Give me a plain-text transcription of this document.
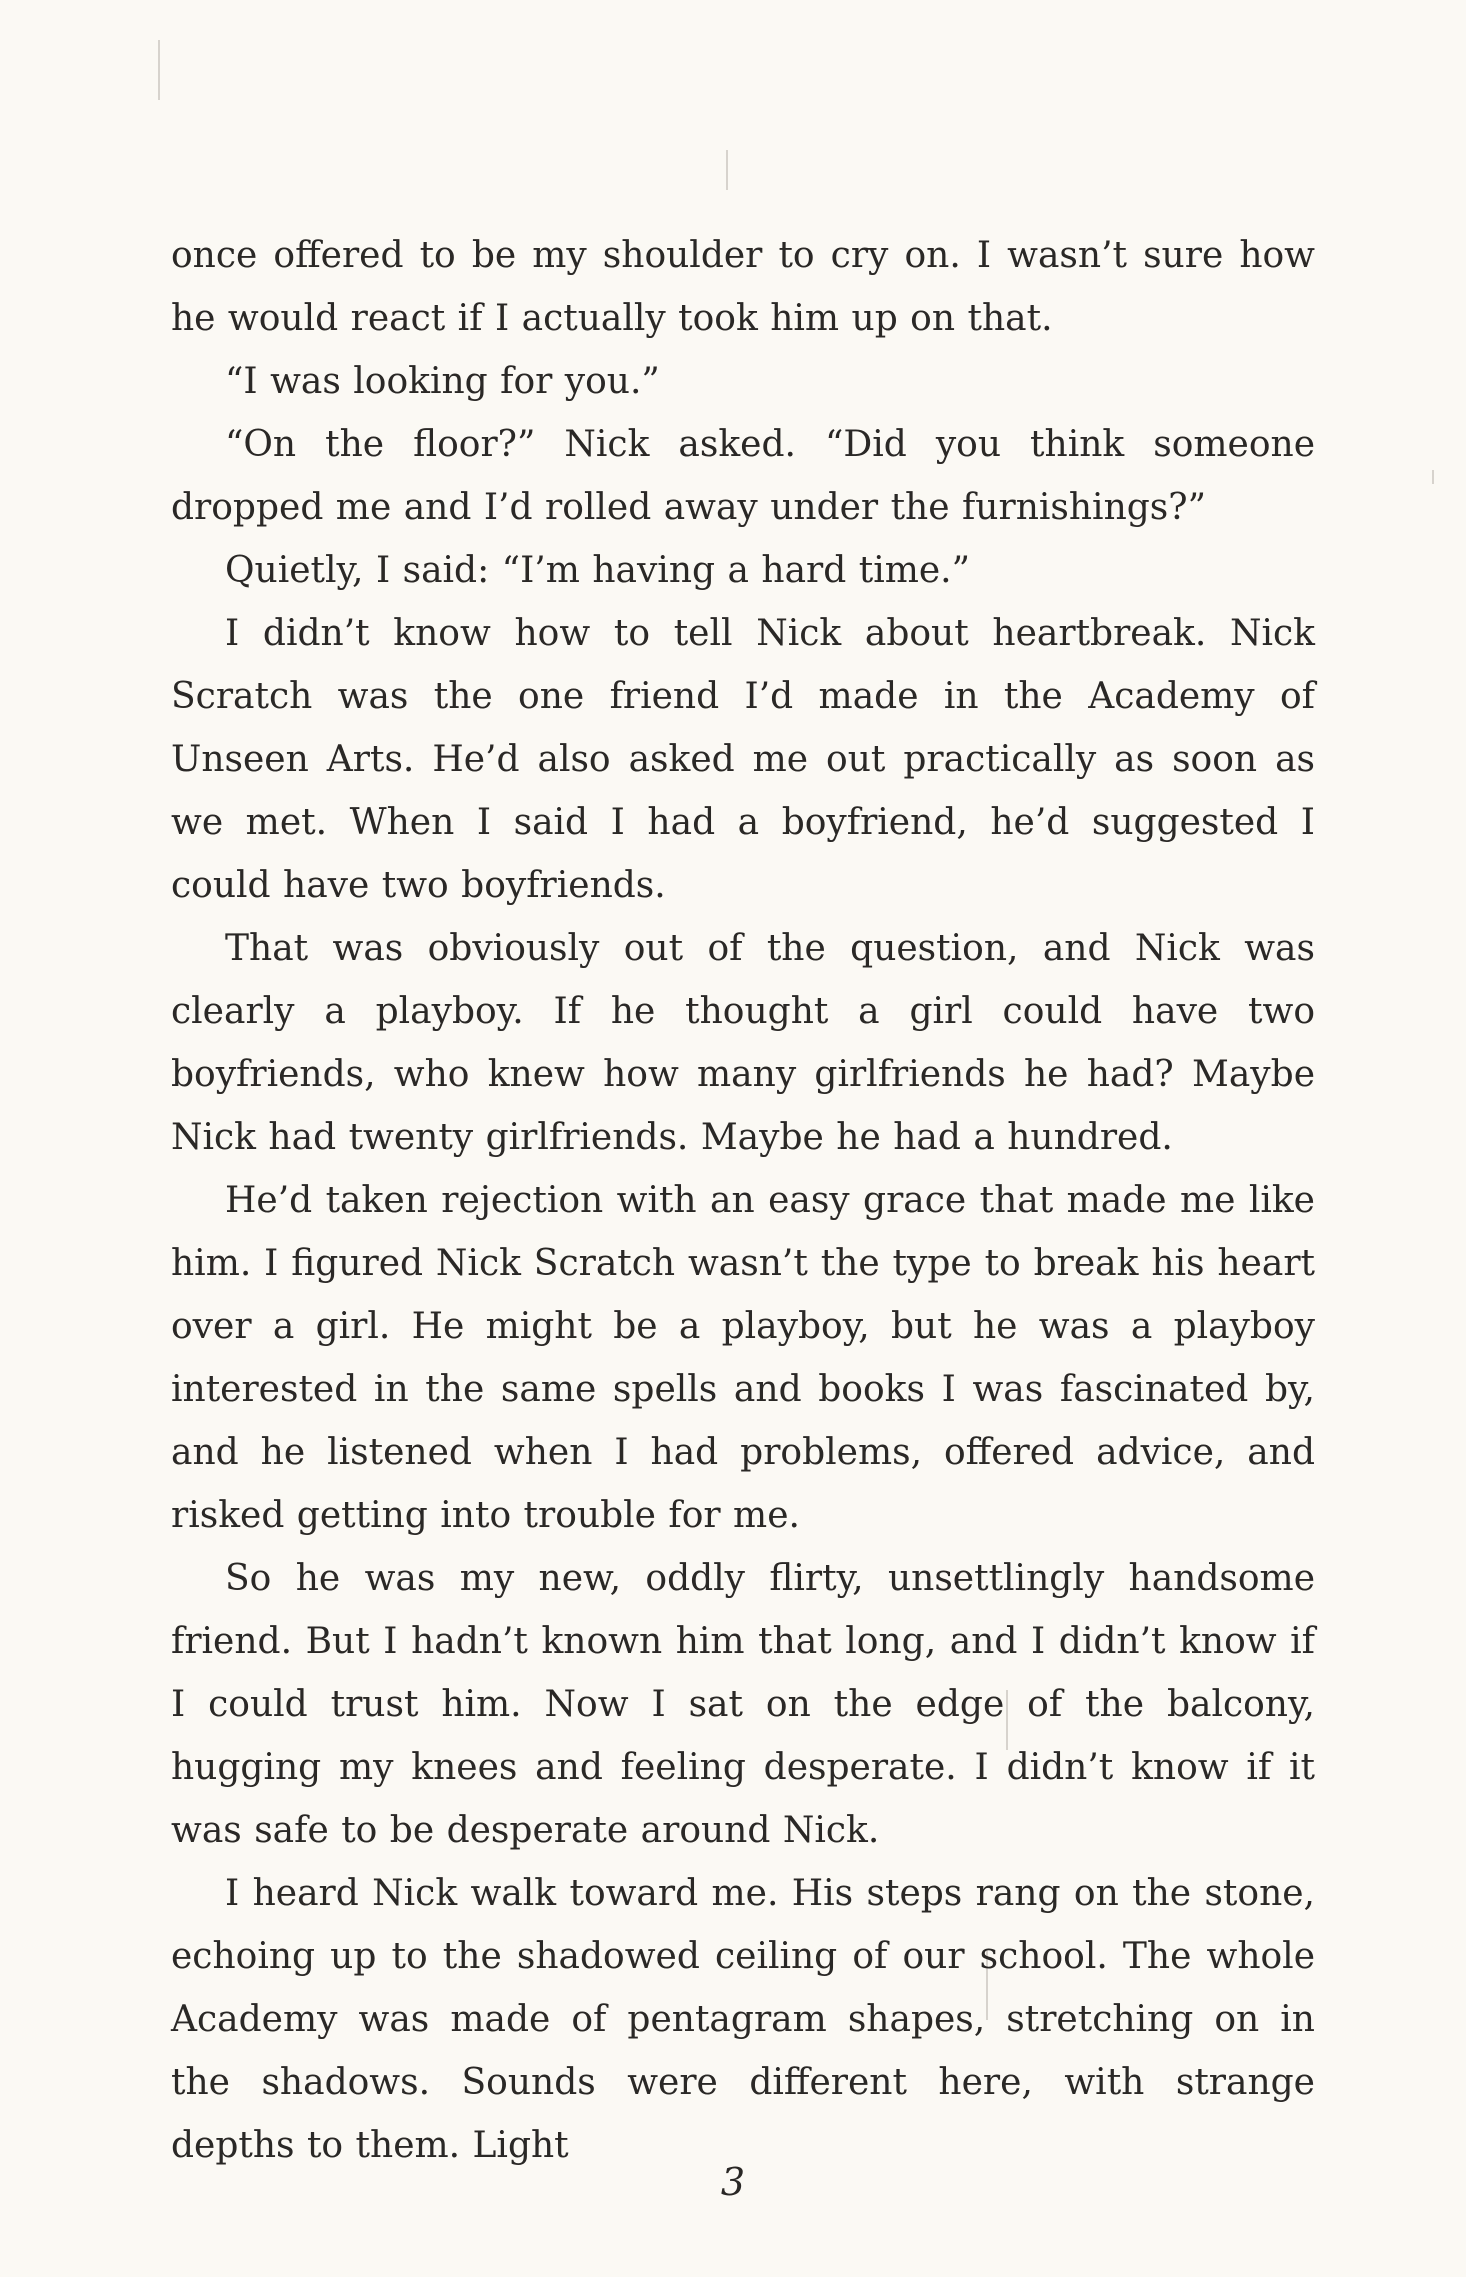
once offered to be my shoulder to cry on. I wasn’t sure how he would react if I actually took him up on that.

“I was looking for you.”

“On the floor?” Nick asked. “Did you think someone dropped me and I’d rolled away under the furnishings?”

Quietly, I said: “I’m having a hard time.”

I didn’t know how to tell Nick about heartbreak. Nick Scratch was the one friend I’d made in the Academy of Unseen Arts. He’d also asked me out practically as soon as we met. When I said I had a boyfriend, he’d suggested I could have two boyfriends.

That was obviously out of the question, and Nick was clearly a playboy. If he thought a girl could have two boyfriends, who knew how many girlfriends he had? Maybe Nick had twenty girlfriends. Maybe he had a hundred.

He’d taken rejection with an easy grace that made me like him. I figured Nick Scratch wasn’t the type to break his heart over a girl. He might be a playboy, but he was a playboy interested in the same spells and books I was fascinated by, and he listened when I had problems, offered advice, and risked getting into trouble for me.

So he was my new, oddly flirty, unsettlingly handsome friend. But I hadn’t known him that long, and I didn’t know if I could trust him. Now I sat on the edge of the balcony, hugging my knees and feeling desperate. I didn’t know if it was safe to be desperate around Nick.

I heard Nick walk toward me. His steps rang on the stone, echoing up to the shadowed ceiling of our school. The whole Academy was made of pentagram shapes, stretching on in the shadows. Sounds were different here, with strange depths to them. Light

3
